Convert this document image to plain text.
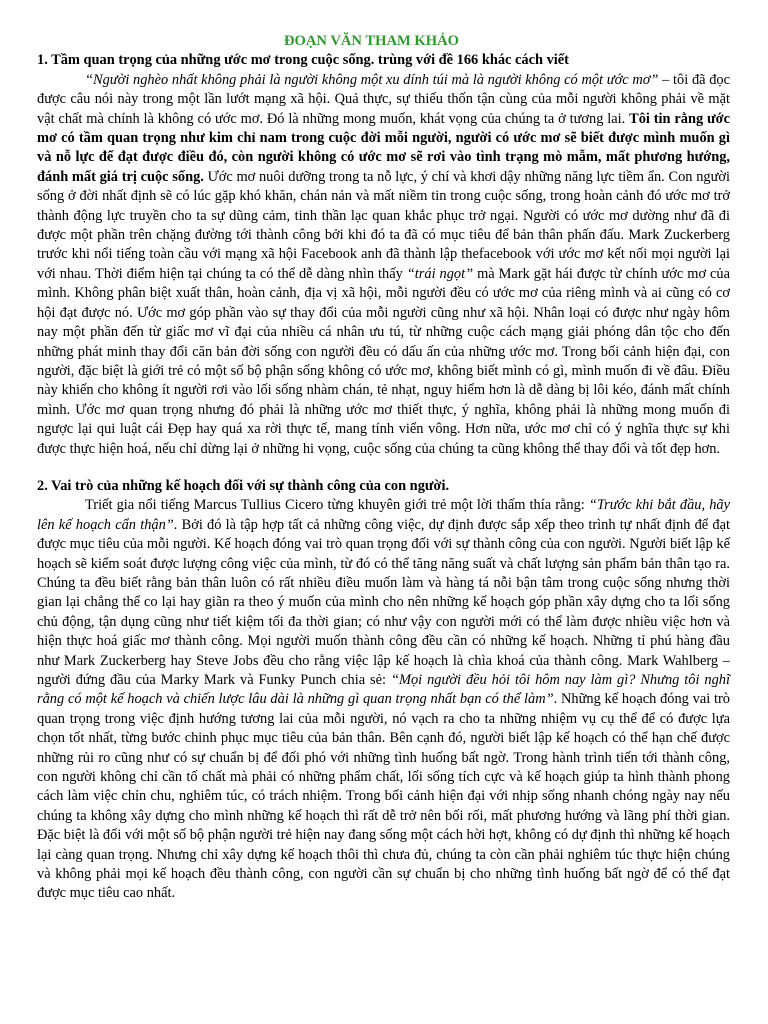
ĐOẠN VĂN THAM KHẢO
1. Tầm quan trọng của những ước mơ trong cuộc sống. trùng với đề 166 khác cách viết

“Người nghèo nhất không phải là người không một xu dính túi mà là người không có một ước mơ” – tôi đã đọc được câu nói này trong một lần lướt mạng xã hội. Quả thực, sự thiếu thốn tận cùng của mỗi người không phải về mặt vật chất mà chính là không có ước mơ. Đó là những mong muốn, khát vọng của chúng ta ở tương lai. Tôi tin rằng ước mơ có tầm quan trọng như kim chỉ nam trong cuộc đời mỗi người, người có ước mơ sẽ biết được mình muốn gì và nỗ lực để đạt được điều đó, còn người không có ước mơ sẽ rơi vào tình trạng mò mẫm, mất phương hướng, đánh mất giá trị cuộc sống. Ước mơ nuôi dưỡng trong ta nỗ lực, ý chí và khơi dậy những năng lực tiềm ẩn. Con người sống ở đời nhất định sẽ có lúc gặp khó khăn, chán nản và mất niềm tin trong cuộc sống, trong hoàn cảnh đó ước mơ trở thành động lực truyền cho ta sự dũng cảm, tinh thần lạc quan khắc phục trở ngại. Người có ước mơ dường như đã đi được một phần trên chặng đường tới thành công bởi khi đó ta đã có mục tiêu để bản thân phấn đấu. Mark Zuckerberg trước khi nổi tiếng toàn cầu với mạng xã hội Facebook anh đã thành lập thefacebook với ước mơ kết nối mọi người lại với nhau. Thời điểm hiện tại chúng ta có thể dễ dàng nhìn thấy “trái ngọt” mà Mark gặt hái được từ chính ước mơ của mình. Không phân biệt xuất thân, hoàn cảnh, địa vị xã hội, mỗi người đều có ước mơ của riêng mình và ai cũng có cơ hội đạt được nó. Ước mơ góp phần vào sự thay đổi của mỗi người cũng như xã hội. Nhân loại có được như ngày hôm nay một phần đến từ giấc mơ vĩ đại của nhiều cá nhân ưu tú, từ những cuộc cách mạng giải phóng dân tộc cho đến những phát minh thay đổi căn bản đời sống con người đều có dấu ấn của những ước mơ. Trong bối cảnh hiện đại, con người, đặc biệt là giới trẻ có một số bộ phận sống không có ước mơ, không biết mình có gì, mình muốn đi về đâu. Điều này khiến cho không ít người rơi vào lối sống nhàm chán, tẻ nhạt, nguy hiểm hơn là dễ dàng bị lôi kéo, đánh mất chính mình. Ước mơ quan trọng nhưng đó phải là những ước mơ thiết thực, ý nghĩa, không phải là những mong muốn đi ngược lại qui luật cái Đẹp hay quá xa rời thực tế, mang tính viển vông. Hơn nữa, ước mơ chỉ có ý nghĩa thực sự khi được thực hiện hoá, nếu chỉ dừng lại ở những hi vọng, cuộc sống của chúng ta cũng không thể thay đổi và tốt đẹp hơn.

2. Vai trò của những kế hoạch đối với sự thành công của con người.

Triết gia nổi tiếng Marcus Tullius Cicero từng khuyên giới trẻ một lời thấm thía rằng: “Trước khi bắt đầu, hãy lên kế hoạch cẩn thận”. Bởi đó là tập hợp tất cả những công việc, dự định được sắp xếp theo trình tự nhất định để đạt được mục tiêu của mỗi người. Kế hoạch đóng vai trò quan trọng đối với sự thành công của con người. Người biết lập kế hoạch sẽ kiểm soát được lượng công việc của mình, từ đó có thể tăng năng suất và chất lượng sản phẩm bản thân tạo ra. Chúng ta đều biết rằng bản thân luôn có rất nhiều điều muốn làm và hàng tá nỗi bận tâm trong cuộc sống nhưng thời gian lại chẳng thể co lại hay giãn ra theo ý muốn của mình cho nên những kế hoạch góp phần xây dựng cho ta lối sống chủ động, tận dụng cũng như tiết kiệm tối đa thời gian; có như vậy con người mới có thể làm được nhiều việc hơn và hiện thực hoá giấc mơ thành công. Mọi người muốn thành công đều cần có những kế hoạch. Những tỉ phú hàng đầu như Mark Zuckerberg hay Steve Jobs đều cho rằng việc lập kế hoạch là chìa khoá của thành công. Mark Wahlberg – người đứng đầu của Marky Mark và Funky Punch chia sẻ: “Mọi người đều hỏi tôi hôm nay làm gì? Nhưng tôi nghĩ rằng có một kế hoạch và chiến lược lâu dài là những gì quan trọng nhất bạn có thể làm”. Những kế hoạch đóng vai trò quan trọng trong việc định hướng tương lai của mỗi người, nó vạch ra cho ta những nhiệm vụ cụ thể để có được lựa chọn tốt nhất, từng bước chinh phục mục tiêu của bản thân. Bên cạnh đó, người biết lập kế hoạch có thể hạn chế được những rủi ro cũng như có sự chuẩn bị để đối phó với những tình huống bất ngờ. Trong hành trình tiến tới thành công, con người không chỉ cần tố chất mà phải có những phẩm chất, lối sống tích cực và kế hoạch giúp ta hình thành phong cách làm việc chỉn chu, nghiêm túc, có trách nhiệm. Trong bối cảnh hiện đại với nhịp sống nhanh chóng ngày nay nếu chúng ta không xây dựng cho mình những kế hoạch thì rất dễ trở nên bối rối, mất phương hướng và lãng phí thời gian. Đặc biệt là đối với một số bộ phận người trẻ hiện nay đang sống một cách hời hợt, không có dự định thì những kế hoạch lại càng quan trọng. Nhưng chỉ xây dựng kế hoạch thôi thì chưa đủ, chúng ta còn cần phải nghiêm túc thực hiện chúng và không phải mọi kế hoạch đều thành công, con người cần sự chuẩn bị cho những tình huống bất ngờ để có thể đạt được mục tiêu cao nhất.
